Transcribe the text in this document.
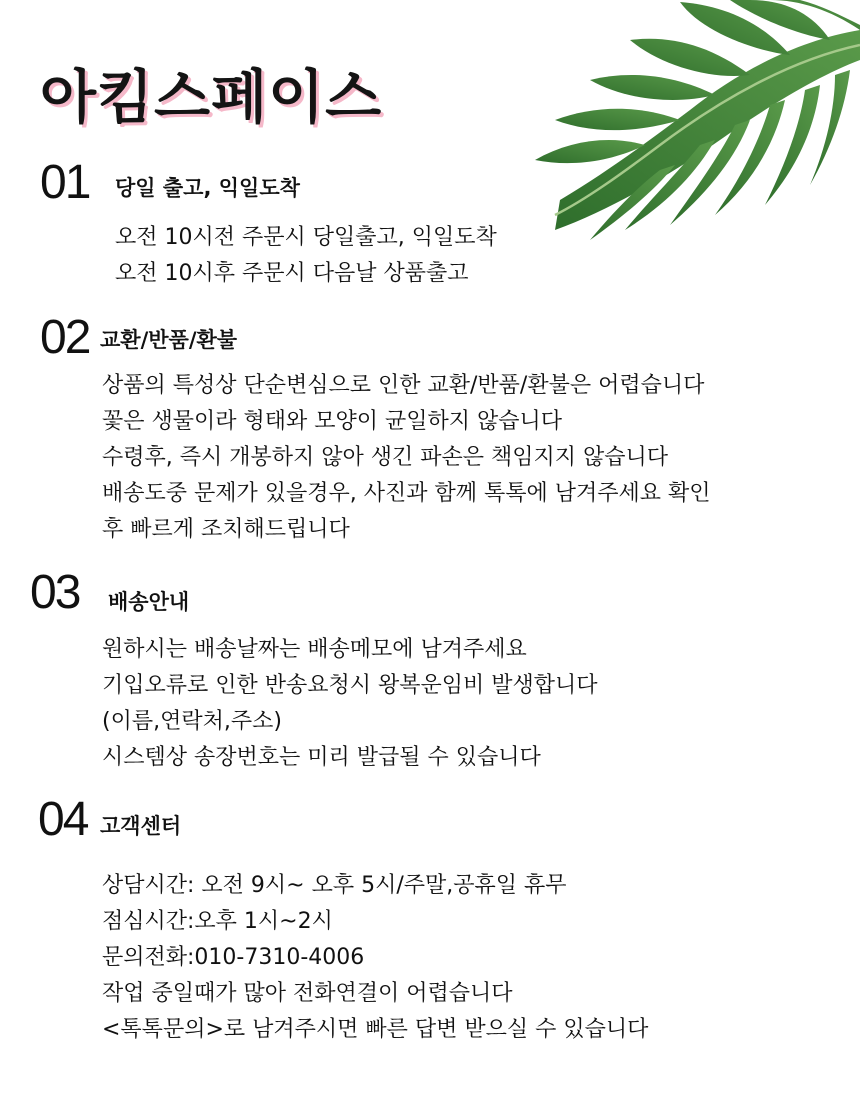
아킴스페이스
01 당일 출고, 익일도착
오전 10시전 주문시 당일출고, 익일도착
오전 10시후 주문시 다음날 상품출고
02 교환/반품/환불
상품의 특성상 단순변심으로 인한 교환/반품/환불은 어렵습니다
꽃은 생물이라 형태와 모양이 균일하지 않습니다
수령후, 즉시 개봉하지 않아 생긴 파손은 책임지지 않습니다
배송도중 문제가 있을경우, 사진과 함께 톡톡에 남겨주세요 확인
후 빠르게 조치해드립니다
03 배송안내
원하시는 배송날짜는 배송메모에 남겨주세요
기입오류로 인한 반송요청시 왕복운임비 발생합니다
(이름,연락처,주소)
시스템상 송장번호는 미리 발급될 수 있습니다
04 고객센터
상담시간: 오전 9시~ 오후 5시/주말,공휴일 휴무
점심시간:오후 1시~2시
문의전화:010-7310-4006
작업 중일때가 많아 전화연결이 어렵습니다
<톡톡문의>로 남겨주시면 빠른 답변 받으실 수 있습니다
